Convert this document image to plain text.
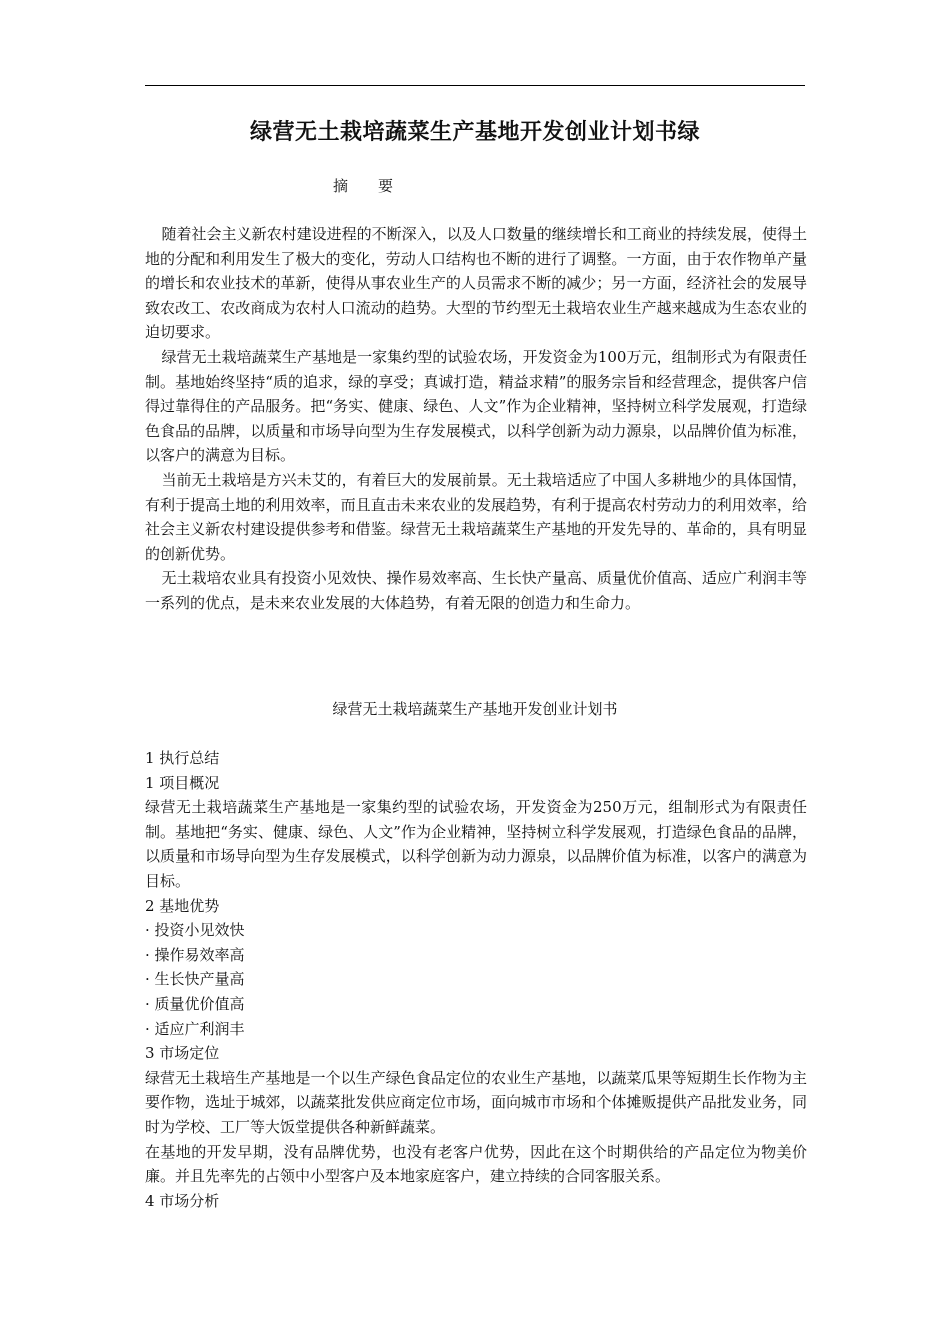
绿营无土栽培蔬菜生产基地开发创业计划书绿
摘 要

随着社会主义新农村建设进程的不断深入，以及人口数量的继续增长和工商业的持续发展，使得土地的分配和利用发生了极大的变化，劳动人口结构也不断的进行了调整。一方面，由于农作物单产量的增长和农业技术的革新，使得从事农业生产的人员需求不断的减少；另一方面，经济社会的发展导致农改工、农改商成为农村人口流动的趋势。大型的节约型无土栽培农业生产越来越成为生态农业的迫切要求。

绿营无土栽培蔬菜生产基地是一家集约型的试验农场，开发资金为100万元，组制形式为有限责任制。基地始终坚持“质的追求，绿的享受；真诚打造，精益求精”的服务宗旨和经营理念，提供客户信得过靠得住的产品服务。把“务实、健康、绿色、人文”作为企业精神，坚持树立科学发展观，打造绿色食品的品牌，以质量和市场导向型为生存发展模式，以科学创新为动力源泉，以品牌价值为标准，以客户的满意为目标。

当前无土栽培是方兴未艾的，有着巨大的发展前景。无土栽培适应了中国人多耕地少的具体国情，有利于提高土地的利用效率，而且直击未来农业的发展趋势，有利于提高农村劳动力的利用效率，给社会主义新农村建设提供参考和借鉴。绿营无土栽培蔬菜生产基地的开发先导的、革命的，具有明显的创新优势。

无土栽培农业具有投资小见效快、操作易效率高、生长快产量高、质量优价值高、适应广利润丰等一系列的优点，是未来农业发展的大体趋势，有着无限的创造力和生命力。

绿营无土栽培蔬菜生产基地开发创业计划书

1 执行总结

1 项目概况

绿营无土栽培蔬菜生产基地是一家集约型的试验农场，开发资金为250万元，组制形式为有限责任制。基地把“务实、健康、绿色、人文”作为企业精神，坚持树立科学发展观，打造绿色食品的品牌，以质量和市场导向型为生存发展模式，以科学创新为动力源泉，以品牌价值为标准，以客户的满意为目标。

2 基地优势

· 投资小见效快

· 操作易效率高

· 生长快产量高

· 质量优价值高

· 适应广利润丰

3 市场定位

绿营无土栽培生产基地是一个以生产绿色食品定位的农业生产基地，以蔬菜瓜果等短期生长作物为主要作物，选址于城郊，以蔬菜批发供应商定位市场，面向城市市场和个体摊贩提供产品批发业务，同时为学校、工厂等大饭堂提供各种新鲜蔬菜。

在基地的开发早期，没有品牌优势，也没有老客户优势，因此在这个时期供给的产品定位为物美价廉。并且先率先的占领中小型客户及本地家庭客户，建立持续的合同客服关系。

4 市场分析
